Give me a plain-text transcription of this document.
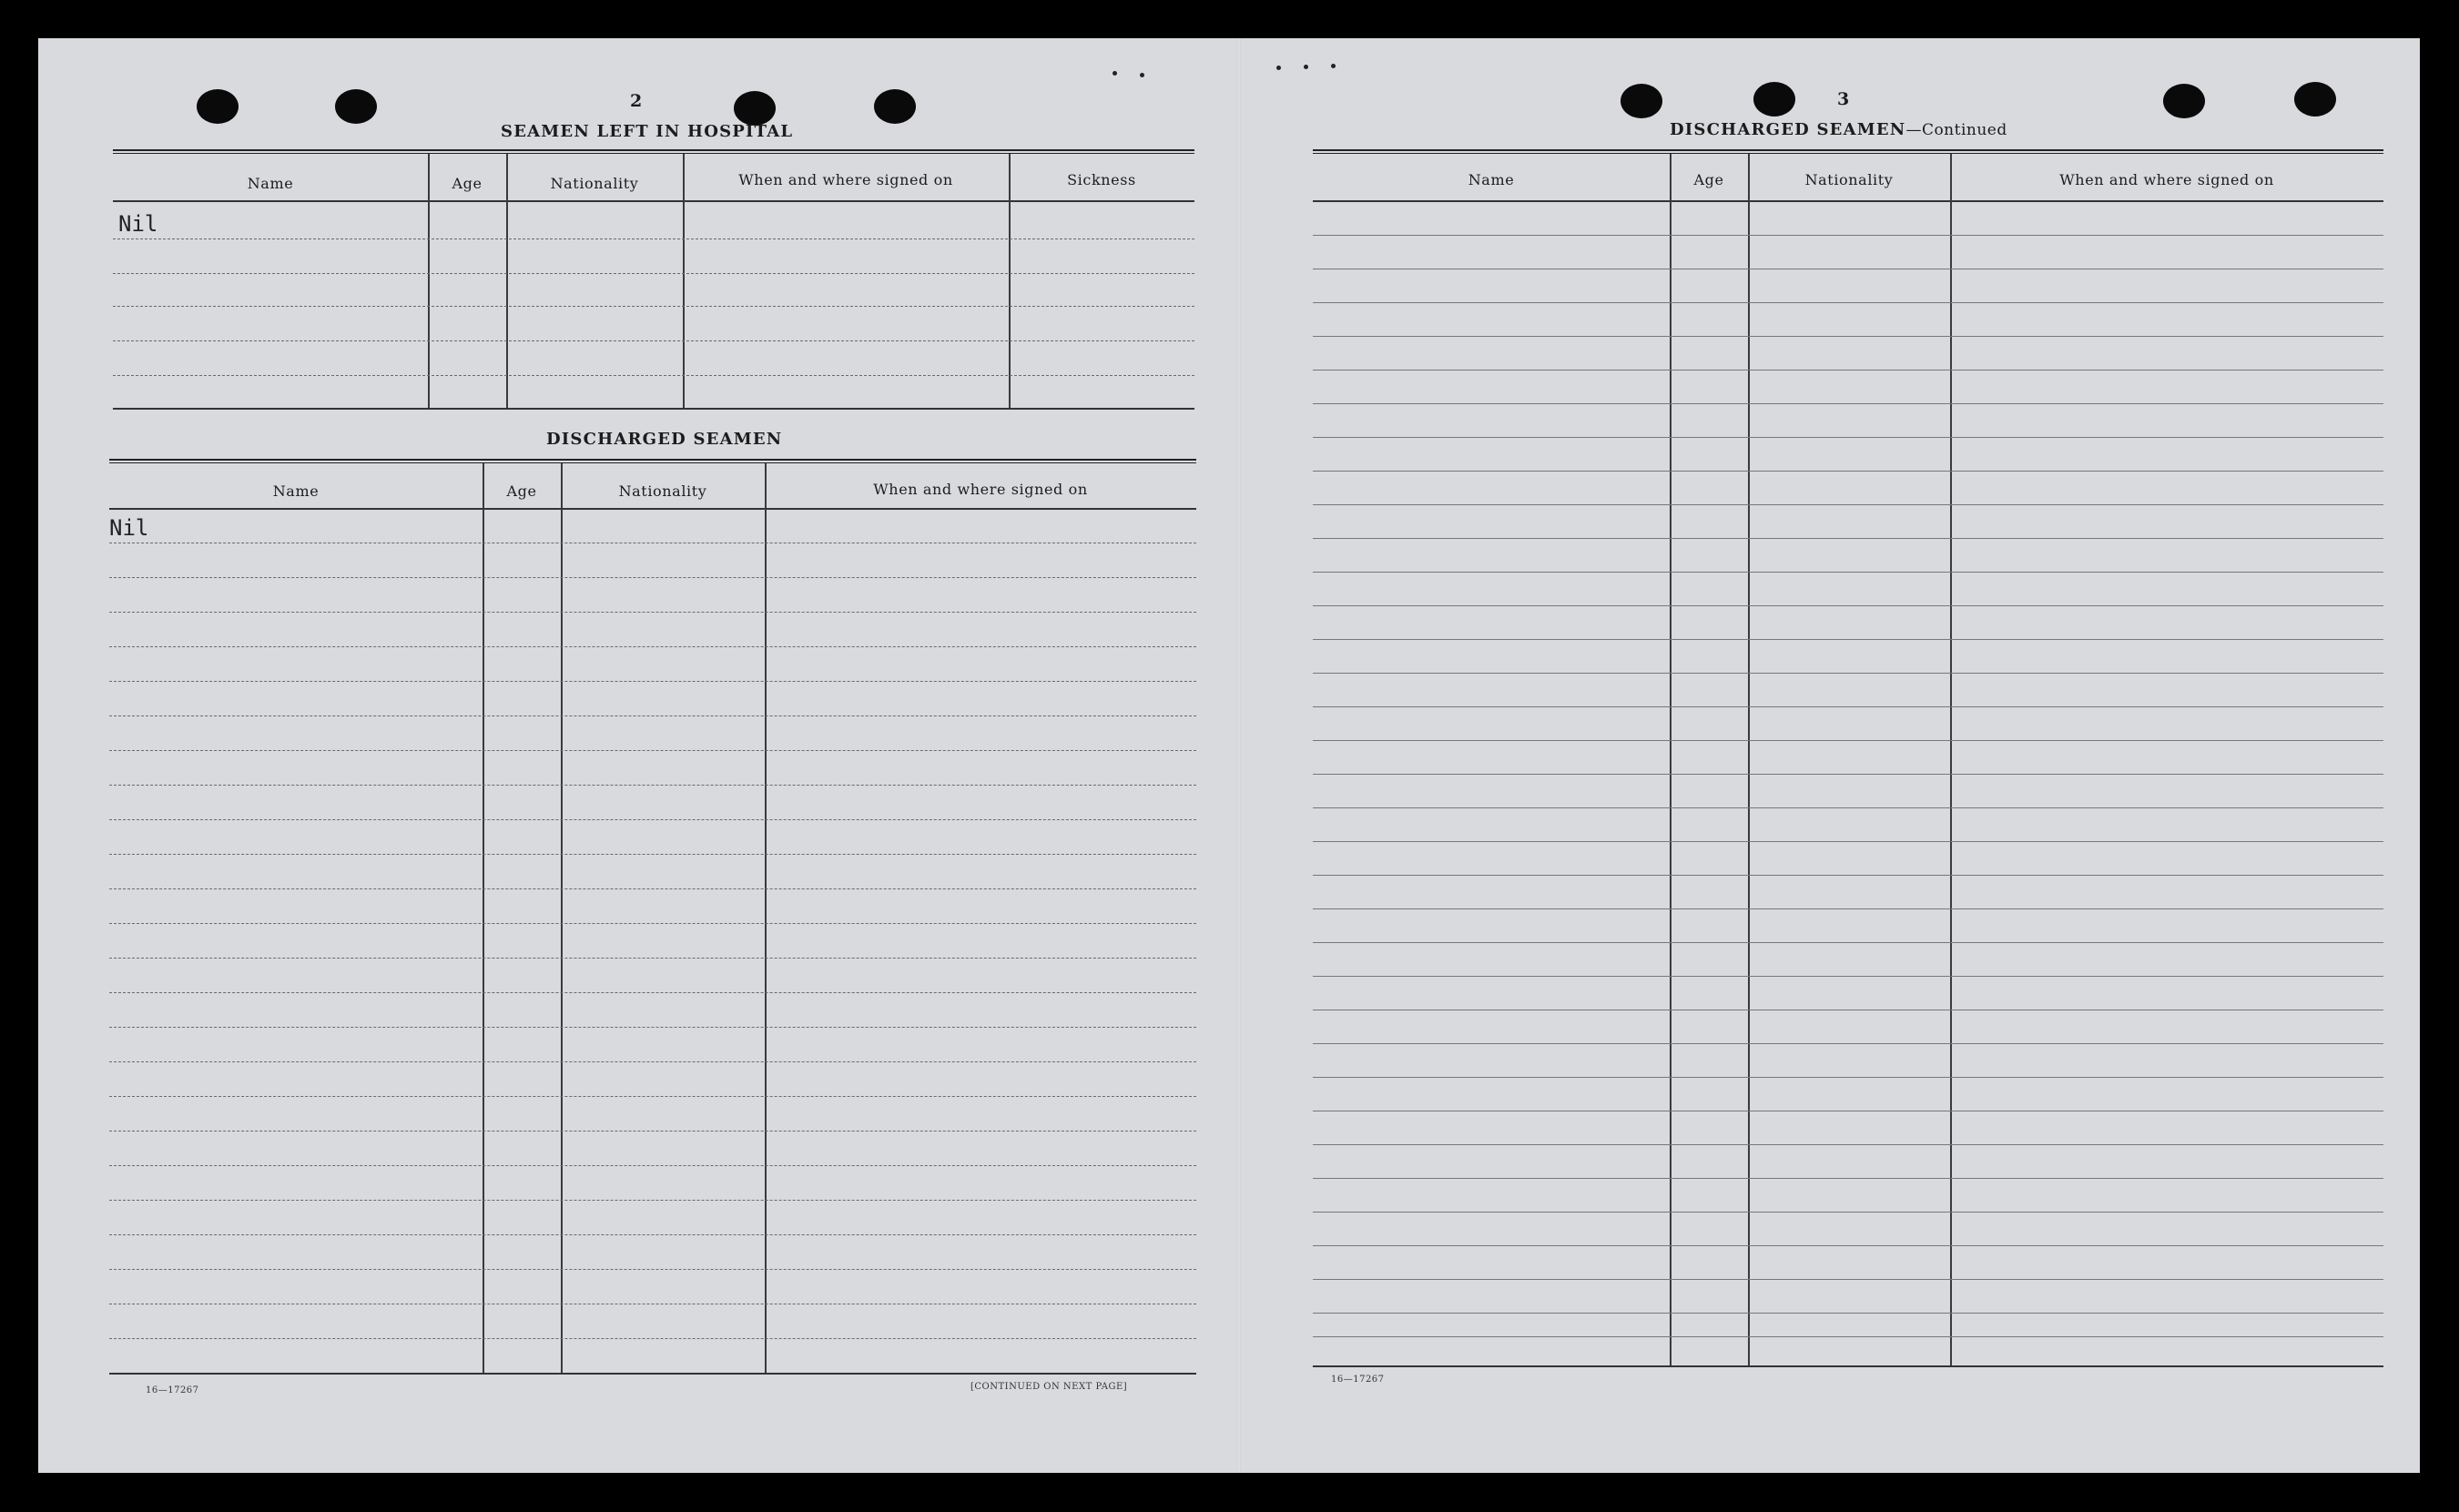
2
SEAMEN LEFT IN HOSPITAL
Name	Age	Nationality	When and where signed on	Sickness
Nil
DISCHARGED SEAMEN
Name	Age	Nationality	When and where signed on
Nil
16—17267	[CONTINUED ON NEXT PAGE]
3
DISCHARGED SEAMEN—Continued
Name	Age	Nationality	When and where signed on
16—17267
